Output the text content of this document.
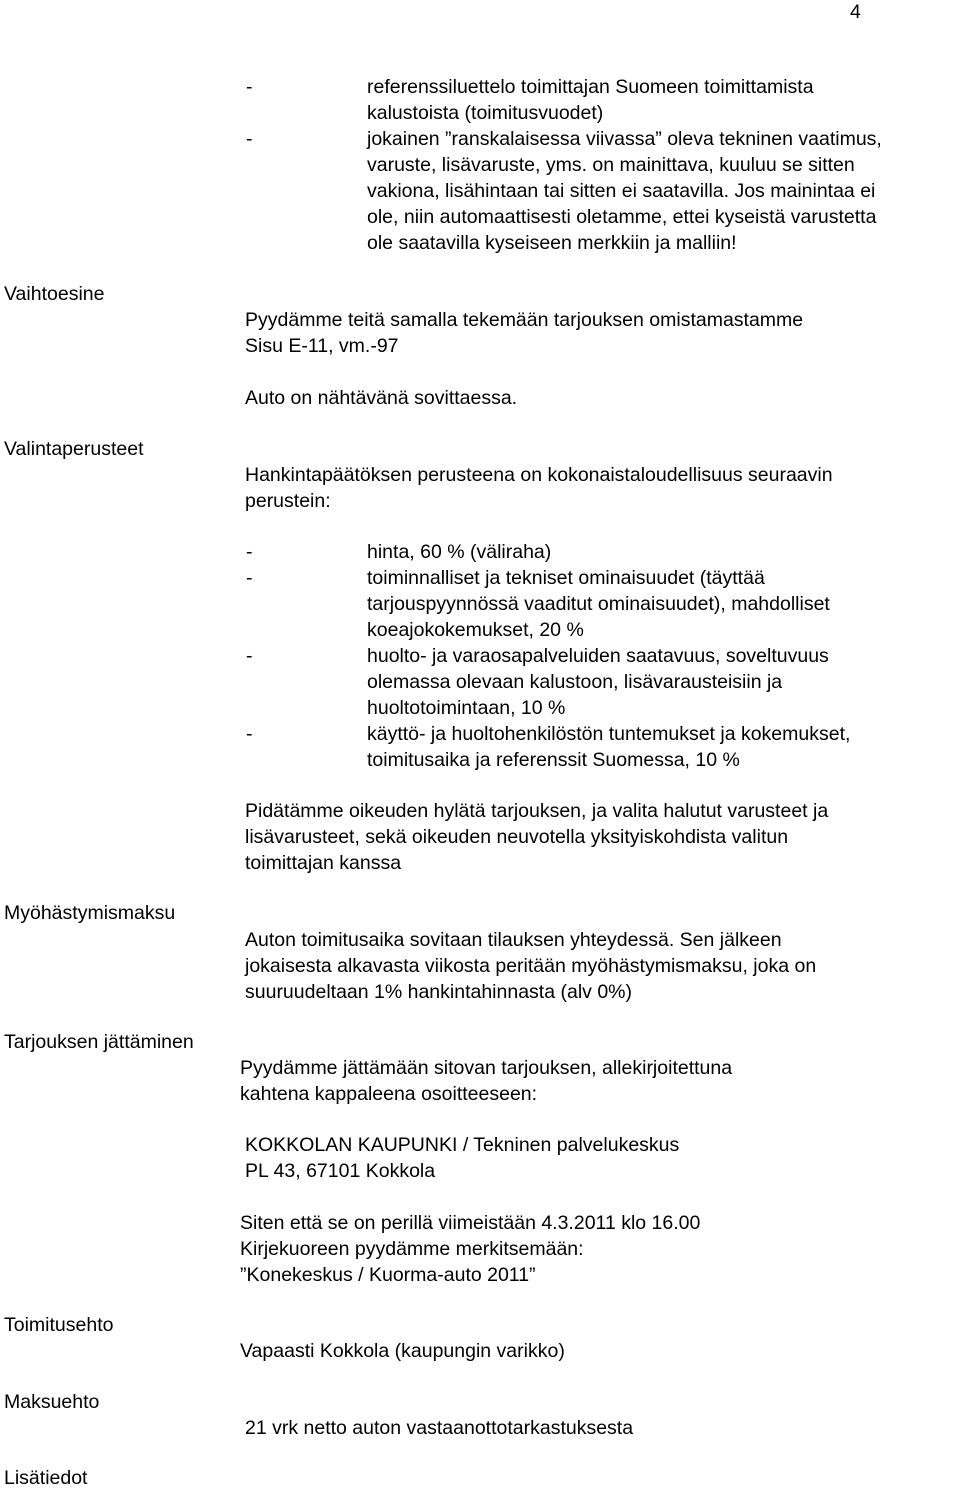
4
-	referenssiluettelo toimittajan Suomeen toimittamista
kalustoista (toimitusvuodet)
-	jokainen ”ranskalaisessa viivassa” oleva tekninen vaatimus,
varuste, lisävaruste, yms. on mainittava, kuuluu se sitten
vakiona, lisähintaan tai sitten ei saatavilla. Jos mainintaa ei
ole, niin automaattisesti oletamme, ettei kyseistä varustetta
ole saatavilla kyseiseen merkkiin ja malliin!
Vaihtoesine
Pyydämme teitä samalla tekemään tarjouksen omistamastamme
Sisu E-11, vm.-97
Auto on nähtävänä sovittaessa.
Valintaperusteet
Hankintapäätöksen perusteena on kokonaistaloudellisuus seuraavin
perustein:
-	hinta, 60 % (väliraha)
-	toiminnalliset ja tekniset ominaisuudet (täyttää
tarjouspyynnössä vaaditut ominaisuudet), mahdolliset
koeajokokemukset, 20 %
-	huolto- ja varaosapalveluiden saatavuus, soveltuvuus
olemassa olevaan kalustoon, lisävarausteisiin ja
huoltotoimintaan, 10 %
-	käyttö- ja huoltohenkilöstön tuntemukset ja kokemukset,
toimitusaika ja referenssit Suomessa, 10 %
Pidätämme oikeuden hylätä tarjouksen, ja valita halutut varusteet ja
lisävarusteet, sekä oikeuden neuvotella yksityiskohdista valitun
toimittajan kanssa
Myöhästymismaksu
Auton toimitusaika sovitaan tilauksen yhteydessä. Sen jälkeen
jokaisesta alkavasta viikosta peritään myöhästymismaksu, joka on
suuruudeltaan 1% hankintahinnasta (alv 0%)
Tarjouksen jättäminen
Pyydämme jättämään sitovan tarjouksen, allekirjoitettuna
kahtena kappaleena osoitteeseen:
KOKKOLAN KAUPUNKI / Tekninen palvelukeskus
PL 43, 67101 Kokkola
Siten että se on perillä viimeistään 4.3.2011 klo 16.00
Kirjekuoreen pyydämme merkitsemään:
”Konekeskus / Kuorma-auto 2011”
Toimitusehto
Vapaasti Kokkola (kaupungin varikko)
Maksuehto
21 vrk netto auton vastaanottotarkastuksesta
Lisätiedot
